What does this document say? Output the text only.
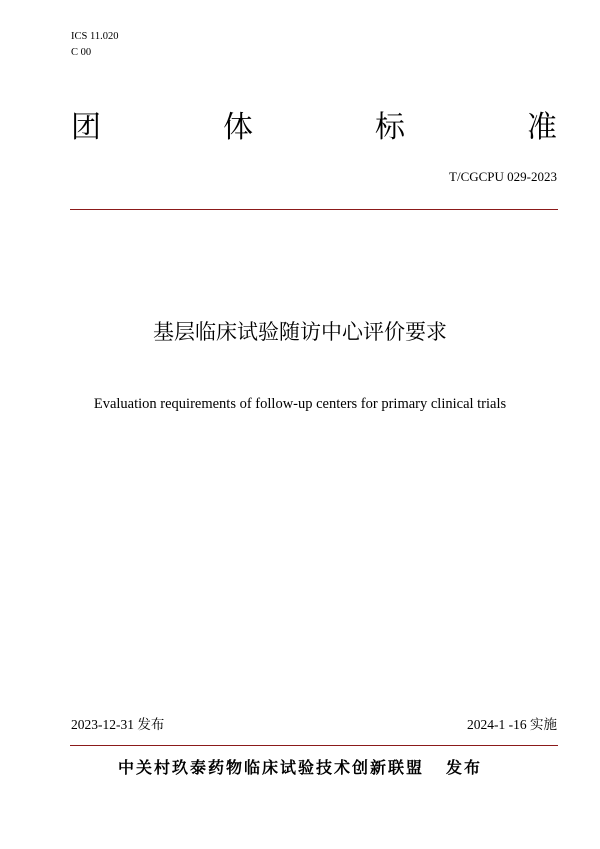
ICS 11.020
C 00
团	体	标	准
T/CGCPU 029-2023
基层临床试验随访中心评价要求
Evaluation requirements of follow-up centers for primary clinical trials
2023-12-31 发布	2024-1 -16 实施
中关村玖泰药物临床试验技术创新联盟 发布
